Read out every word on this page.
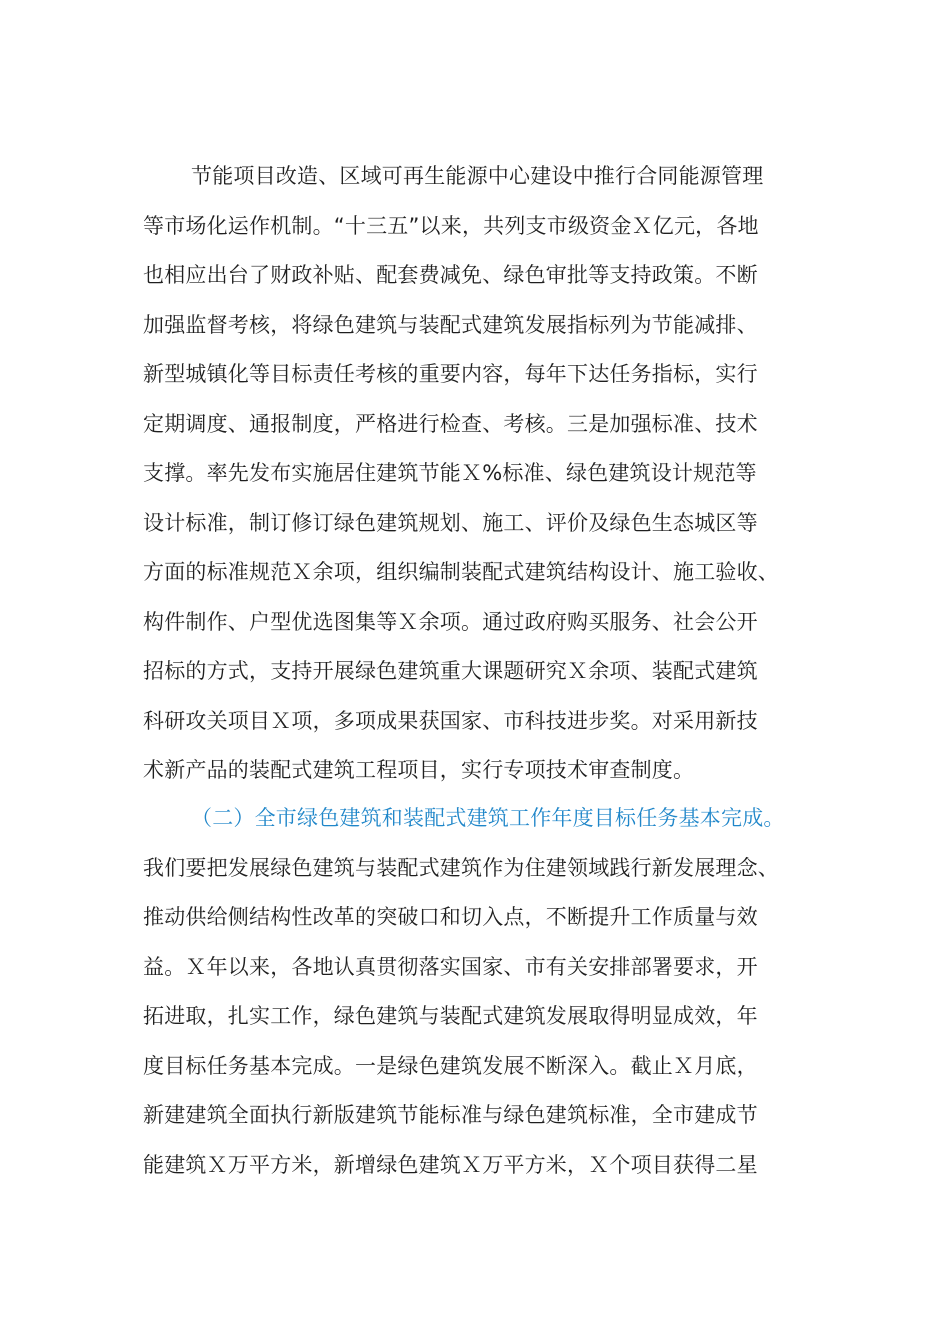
节能项目改造、区域可再生能源中心建设中推行合同能源管理
等市场化运作机制。“十三五”以来，共列支市级资金Ｘ亿元，各地
也相应出台了财政补贴、配套费减免、绿色审批等支持政策。不断
加强监督考核，将绿色建筑与装配式建筑发展指标列为节能减排、
新型城镇化等目标责任考核的重要内容，每年下达任务指标，实行
定期调度、通报制度，严格进行检查、考核。三是加强标准、技术
支撑。率先发布实施居住建筑节能Ｘ%标准、绿色建筑设计规范等
设计标准，制订修订绿色建筑规划、施工、评价及绿色生态城区等
方面的标准规范Ｘ余项，组织编制装配式建筑结构设计、施工验收、
构件制作、户型优选图集等Ｘ余项。通过政府购买服务、社会公开
招标的方式，支持开展绿色建筑重大课题研究Ｘ余项、装配式建筑
科研攻关项目Ｘ项，多项成果获国家、市科技进步奖。对采用新技
术新产品的装配式建筑工程项目，实行专项技术审查制度。
（二）全市绿色建筑和装配式建筑工作年度目标任务基本完成。
我们要把发展绿色建筑与装配式建筑作为住建领域践行新发展理念、
推动供给侧结构性改革的突破口和切入点，不断提升工作质量与效
益。Ｘ年以来，各地认真贯彻落实国家、市有关安排部署要求，开
拓进取，扎实工作，绿色建筑与装配式建筑发展取得明显成效，年
度目标任务基本完成。一是绿色建筑发展不断深入。截止Ｘ月底，
新建建筑全面执行新版建筑节能标准与绿色建筑标准，全市建成节
能建筑Ｘ万平方米，新增绿色建筑Ｘ万平方米，Ｘ个项目获得二星
